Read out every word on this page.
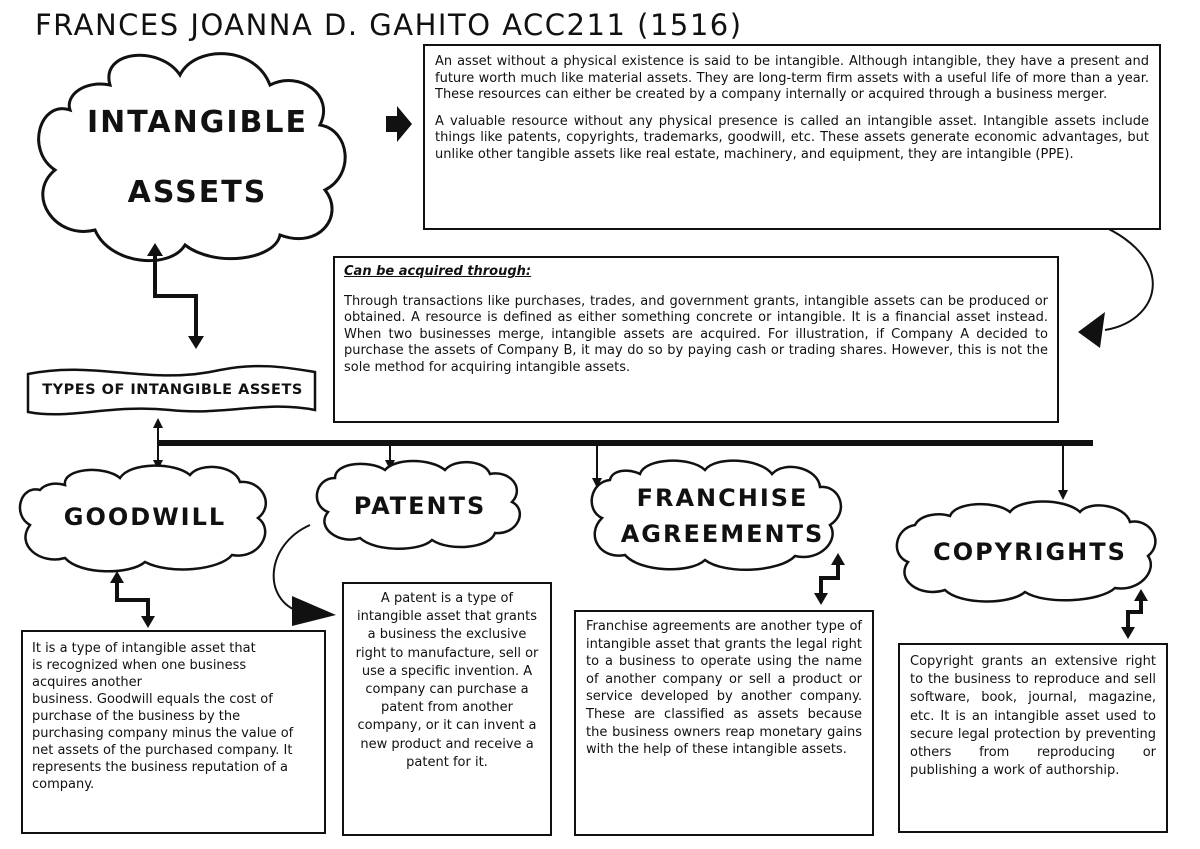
FRANCES JOANNA D. GAHITO ACC211 (1516)
INTANGIBLE
ASSETS

An asset without a physical existence is said to be intangible. Although intangible, they have a present and future worth much like material assets. They are long-term firm assets with a useful life of more than a year. These resources can either be created by a company internally or acquired through a business merger.

A valuable resource without any physical presence is called an intangible asset. Intangible assets include things like patents, copyrights, trademarks, goodwill, etc. These assets generate economic advantages, but unlike other tangible assets like real estate, machinery, and equipment, they are intangible (PPE).

Can be acquired through:

Through transactions like purchases, trades, and government grants, intangible assets can be produced or obtained. A resource is defined as either something concrete or intangible. It is a financial asset instead. When two businesses merge, intangible assets are acquired. For illustration, if Company A decided to purchase the assets of Company B, it may do so by paying cash or trading shares. However, this is not the sole method for acquiring intangible assets.

TYPES OF INTANGIBLE ASSETS
GOODWILL	PATENTS	FRANCHISE
AGREEMENTS
COPYRIGHTS

It is a type of intangible asset that

is recognized when one business

acquires another

business. Goodwill equals the cost of purchase of the business by the purchasing company minus the value of net assets of the purchased company. It represents the business reputation of a company.

A patent is a type of intangible asset that grants a business the exclusive right to manufacture, sell or use a specific invention. A company can purchase a patent from another company, or it can invent a new product and receive a patent for it.

Franchise agreements are another type of intangible asset that grants the legal right to a business to operate using the name of another company or sell a product or service developed by another company. These are classified as assets because the business owners reap monetary gains with the help of these intangible assets.

Copyright grants an extensive right to the business to reproduce and sell software, book, journal, magazine, etc. It is an intangible asset used to secure legal protection by preventing others from reproducing or publishing a work of authorship.
